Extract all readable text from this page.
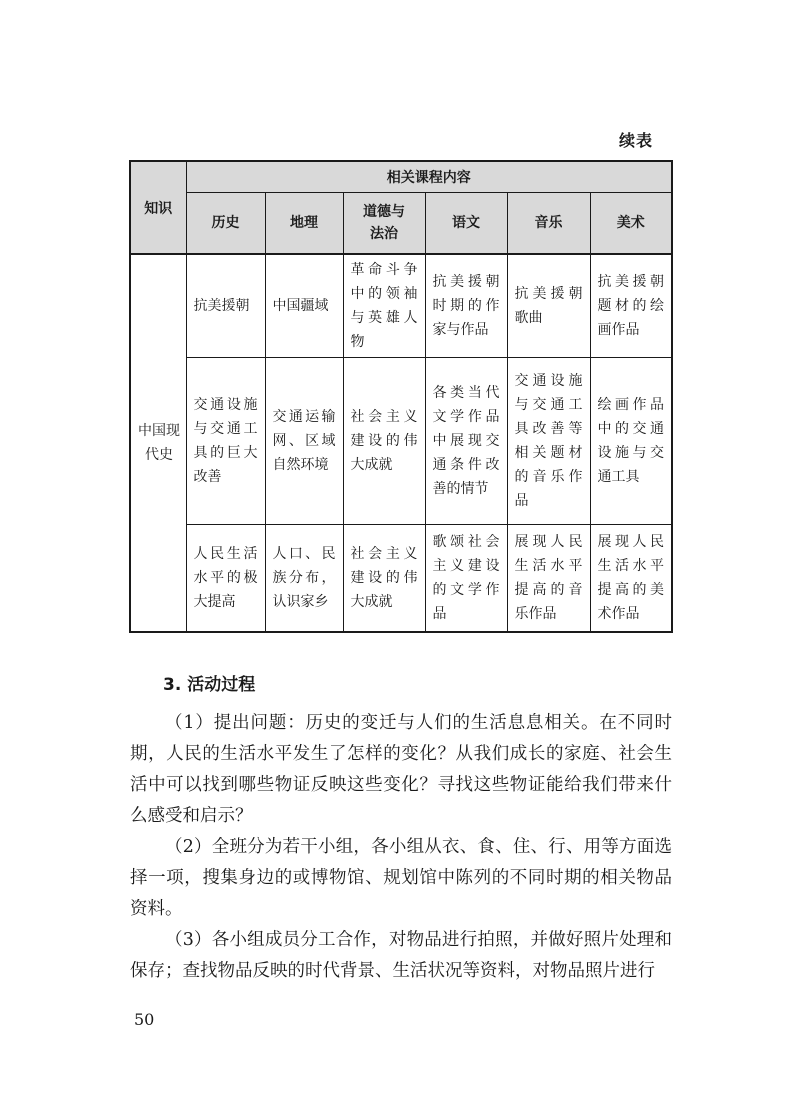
续表
知识	相关课程内容					
	历史	地理	道德与法治	语文	音乐	美术
中国现代史	抗美援朝	中国疆域	革命斗争中的领袖与英雄人物	抗美援朝时期的作家与作品	抗美援朝歌曲	抗美援朝题材的绘画作品
	交通设施与交通工具的巨大改善	交通运输网、区域自然环境	社会主义建设的伟大成就	各类当代文学作品中展现交通条件改善的情节	交通设施与交通工具改善等相关题材的音乐作品	绘画作品中的交通设施与交通工具
	人民生活水平的极大提高	人口、民族分布，认识家乡	社会主义建设的伟大成就	歌颂社会主义建设的文学作品	展现人民生活水平提高的音乐作品	展现人民生活水平提高的美术作品
3. 活动过程

（1）提出问题：历史的变迁与人们的生活息息相关。在不同时期，人民的生活水平发生了怎样的变化？从我们成长的家庭、社会生活中可以找到哪些物证反映这些变化？寻找这些物证能给我们带来什么感受和启示？

（2）全班分为若干小组，各小组从衣、食、住、行、用等方面选择一项，搜集身边的或博物馆、规划馆中陈列的不同时期的相关物品资料。

（3）各小组成员分工合作，对物品进行拍照，并做好照片处理和保存；查找物品反映的时代背景、生活状况等资料，对物品照片进行

50
